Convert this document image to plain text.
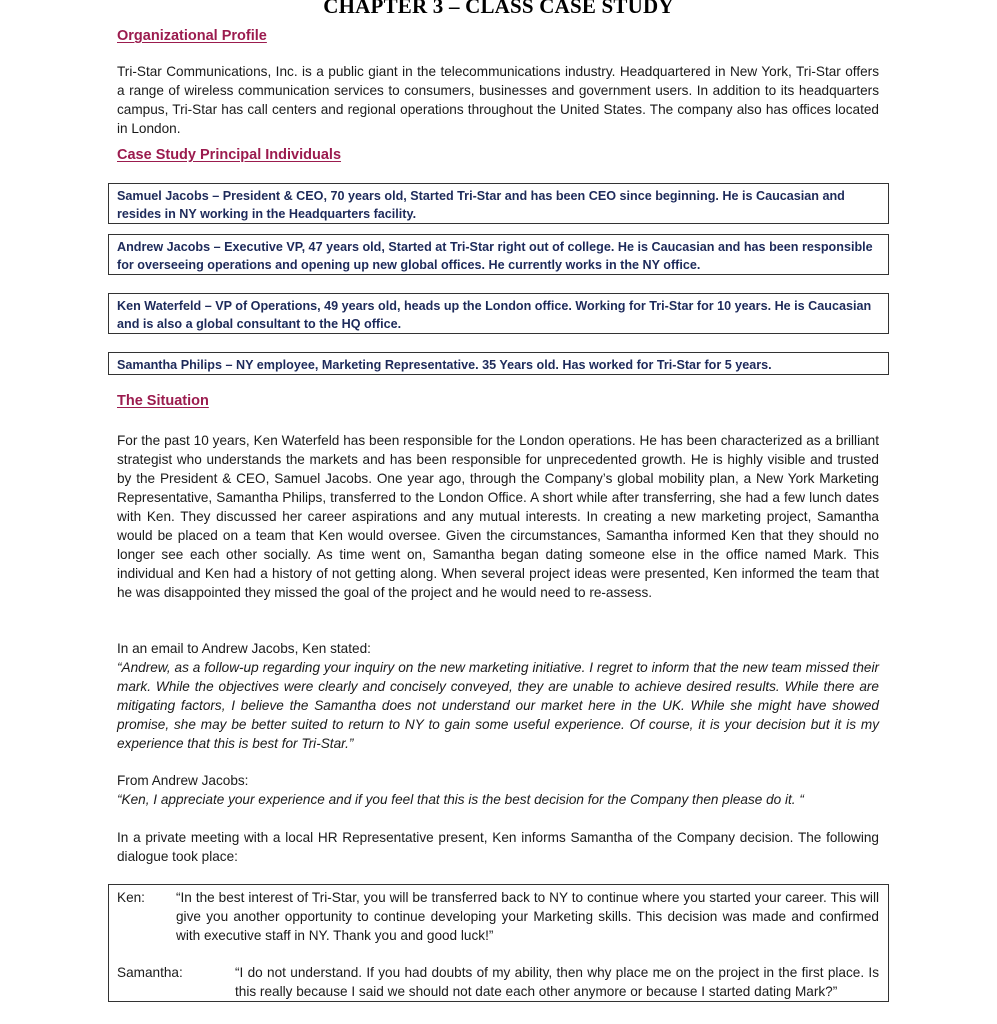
CHAPTER 3 – CLASS CASE STUDY
Organizational Profile

Tri-Star Communications, Inc. is a public giant in the telecommunications industry. Headquartered in New York, Tri-Star offers a range of wireless communication services to consumers, businesses and government users. In addition to its headquarters campus, Tri-Star has call centers and regional operations throughout the United States. The company also has offices located in London.

Case Study Principal Individuals
Samuel Jacobs – President & CEO, 70 years old, Started Tri-Star and has been CEO since beginning. He is Caucasian and resides in NY working in the Headquarters facility.
Andrew Jacobs – Executive VP, 47 years old, Started at Tri-Star right out of college. He is Caucasian and has been responsible for overseeing operations and opening up new global offices. He currently works in the NY office.
Ken Waterfeld – VP of Operations, 49 years old, heads up the London office. Working for Tri-Star for 10 years. He is Caucasian and is also a global consultant to the HQ office.
Samantha Philips – NY employee, Marketing Representative. 35 Years old. Has worked for Tri-Star for 5 years.
The Situation

For the past 10 years, Ken Waterfeld has been responsible for the London operations. He has been characterized as a brilliant strategist who understands the markets and has been responsible for unprecedented growth. He is highly visible and trusted by the President & CEO, Samuel Jacobs. One year ago, through the Company’s global mobility plan, a New York Marketing Representative, Samantha Philips, transferred to the London Office. A short while after transferring, she had a few lunch dates with Ken. They discussed her career aspirations and any mutual interests. In creating a new marketing project, Samantha would be placed on a team that Ken would oversee. Given the circumstances, Samantha informed Ken that they should no longer see each other socially. As time went on, Samantha began dating someone else in the office named Mark. This individual and Ken had a history of not getting along. When several project ideas were presented, Ken informed the team that he was disappointed they missed the goal of the project and he would need to re-assess.

In an email to Andrew Jacobs, Ken stated:

“Andrew, as a follow-up regarding your inquiry on the new marketing initiative. I regret to inform that the new team missed their mark. While the objectives were clearly and concisely conveyed, they are unable to achieve desired results. While there are mitigating factors, I believe the Samantha does not understand our market here in the UK. While she might have showed promise, she may be better suited to return to NY to gain some useful experience. Of course, it is your decision but it is my experience that this is best for Tri-Star.”

From Andrew Jacobs:

“Ken, I appreciate your experience and if you feel that this is the best decision for the Company then please do it. “

In a private meeting with a local HR Representative present, Ken informs Samantha of the Company decision. The following dialogue took place:

Ken: “In the best interest of Tri-Star, you will be transferred back to NY to continue where you started your career. This will give you another opportunity to continue developing your Marketing skills. This decision was made and confirmed with executive staff in NY. Thank you and good luck!”

Samantha:	“I do not understand. If you had doubts of my ability, then why place me on the project in the first place. Is this really because I said we should not date each other anymore or because I started dating Mark?”
